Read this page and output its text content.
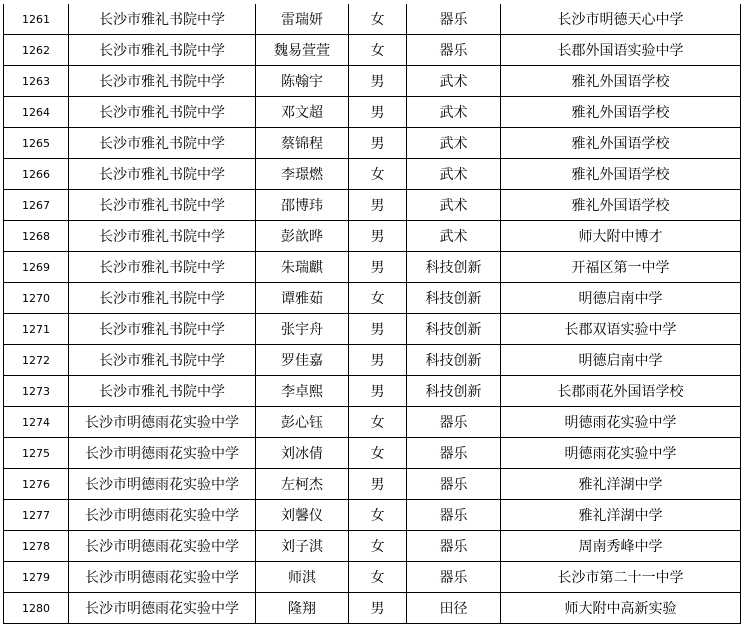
1261	长沙市雅礼书院中学	雷瑞妍	女	器乐	长沙市明德天心中学
1262	长沙市雅礼书院中学	魏易萱萱	女	器乐	长郡外国语实验中学
1263	长沙市雅礼书院中学	陈翰宇	男	武术	雅礼外国语学校
1264	长沙市雅礼书院中学	邓文超	男	武术	雅礼外国语学校
1265	长沙市雅礼书院中学	蔡锦程	男	武术	雅礼外国语学校
1266	长沙市雅礼书院中学	李璟燃	女	武术	雅礼外国语学校
1267	长沙市雅礼书院中学	邵博玮	男	武术	雅礼外国语学校
1268	长沙市雅礼书院中学	彭歆晔	男	武术	师大附中博才
1269	长沙市雅礼书院中学	朱瑞麒	男	科技创新	开福区第一中学
1270	长沙市雅礼书院中学	谭雅茹	女	科技创新	明德启南中学
1271	长沙市雅礼书院中学	张宇舟	男	科技创新	长郡双语实验中学
1272	长沙市雅礼书院中学	罗佳嘉	男	科技创新	明德启南中学
1273	长沙市雅礼书院中学	李卓熙	男	科技创新	长郡雨花外国语学校
1274	长沙市明德雨花实验中学	彭心钰	女	器乐	明德雨花实验中学
1275	长沙市明德雨花实验中学	刘冰倩	女	器乐	明德雨花实验中学
1276	长沙市明德雨花实验中学	左柯杰	男	器乐	雅礼洋湖中学
1277	长沙市明德雨花实验中学	刘馨仪	女	器乐	雅礼洋湖中学
1278	长沙市明德雨花实验中学	刘子淇	女	器乐	周南秀峰中学
1279	长沙市明德雨花实验中学	师淇	女	器乐	长沙市第二十一中学
1280	长沙市明德雨花实验中学	隆翔	男	田径	师大附中高新实验
